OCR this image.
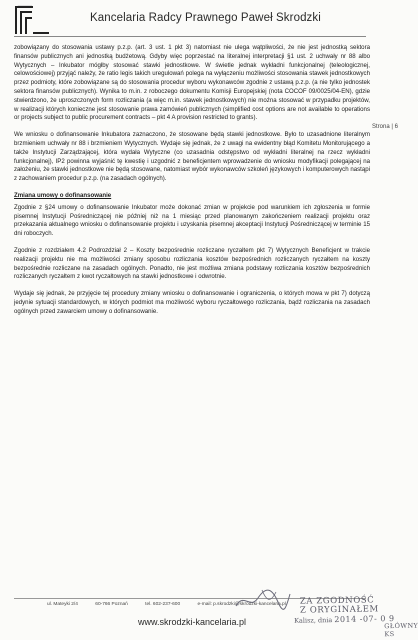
Kancelaria Radcy Prawnego Paweł Skrodzki
Strona | 6

zobowiązany do stosowania ustawy p.z.p. (art. 3 ust. 1 pkt 3) natomiast nie ulega wątpliwości, że nie jest jednostką sektora finansów publicznych ani jednostką budżetową. Gdyby więc poprzestać na literalnej interpretacji §1 ust. 2 uchwały nr 88 albo Wytycznych – Inkubator mógłby stosować stawki jednostkowe. W świetle jednak wykładni funkcjonalnej (teleologicznej, celowościowej) przyjąć należy, że ratio legis takich uregulowań polega na wyłączeniu możliwości stosowania stawek jednostkowych przez podmioty, które zobowiązane są do stosowania procedur wyboru wykonawców zgodnie z ustawą p.z.p. (a nie tylko jednostek sektora finansów publicznych). Wynika to m.in. z roboczego dokumentu Komisji Europejskiej (nota COCOF 09/0025/04-EN), gdzie stwierdzono, że uproszczonych form rozliczania (a więc m.in. stawek jednostkowych) nie można stosować w przypadku projektów, w realizacji których konieczne jest stosowanie prawa zamówień publicznych (simplified cost options are not available to operations or projects subject to public procurement contracts – pkt 4 A provision restricted to grants).

We wniosku o dofinansowanie Inkubatora zaznaczono, że stosowane będą stawki jednostkowe. Było to uzasadnione literalnym brzmieniem uchwały nr 88 i brzmieniem Wytycznych. Wydaje się jednak, że z uwagi na ewidentny błąd Komitetu Monitorującego a także Instytucji Zarządzającej, która wydała Wytyczne (co uzasadnia odstępstwo od wykładni literalnej na rzecz wykładni funkcjonalnej), IP2 powinna wyjaśnić tę kwestię i uzgodnić z beneficjentem wprowadzenie do wniosku modyfikacji polegającej na założeniu, że stawki jednostkowe nie będą stosowane, natomiast wybór wykonawców szkoleń językowych i komputerowych nastąpi z zachowaniem procedur p.z.p. (na zasadach ogólnych).

Zmiana umowy o dofinansowanie

Zgodnie z §24 umowy o dofinansowanie Inkubator może dokonać zmian w projekcie pod warunkiem ich zgłoszenia w formie pisemnej Instytucji Pośredniczącej nie później niż na 1 miesiąc przed planowanym zakończeniem realizacji projektu oraz przekazania aktualnego wniosku o dofinansowanie projektu i uzyskania pisemnej akceptacji Instytucji Pośredniczącej w terminie 15 dni roboczych.

Zgodnie z rozdziałem 4.2 Podrozdział 2 – Koszty bezpośrednie rozliczane ryczałtem pkt 7) Wytycznych Beneficjent w trakcie realizacji projektu nie ma możliwości zmiany sposobu rozliczania kosztów bezpośrednich rozliczanych ryczałtem na koszty bezpośrednie rozliczane na zasadach ogólnych. Ponadto, nie jest możliwa zmiana podstawy rozliczania kosztów bezpośrednich rozliczanych ryczałtem z kwot ryczałtowych na stawki jednostkowe i odwrotnie.

Wydaje się jednak, że przyjęcie tej procedury zmiany wniosku o dofinansowanie i ograniczenia, o których mowa w pkt 7) dotyczą jedynie sytuacji standardowych, w których podmiot ma możliwość wyboru ryczałtowego rozliczania, bądź rozliczania na zasadach ogólnych przed zawarciem umowy o dofinansowanie.

ul. Mateyki 2/4	60-766 Poznań	tel. 602-237-600	e-mail: p.skrodzki@skrodzki-kancelaria.pl
www.skrodzki-kancelaria.pl
ZA ZGODNOŚĆ
Z ORYGINAŁEM
Kalisz, dnia 2014 -07- 0 9
GŁÓWNY KS
